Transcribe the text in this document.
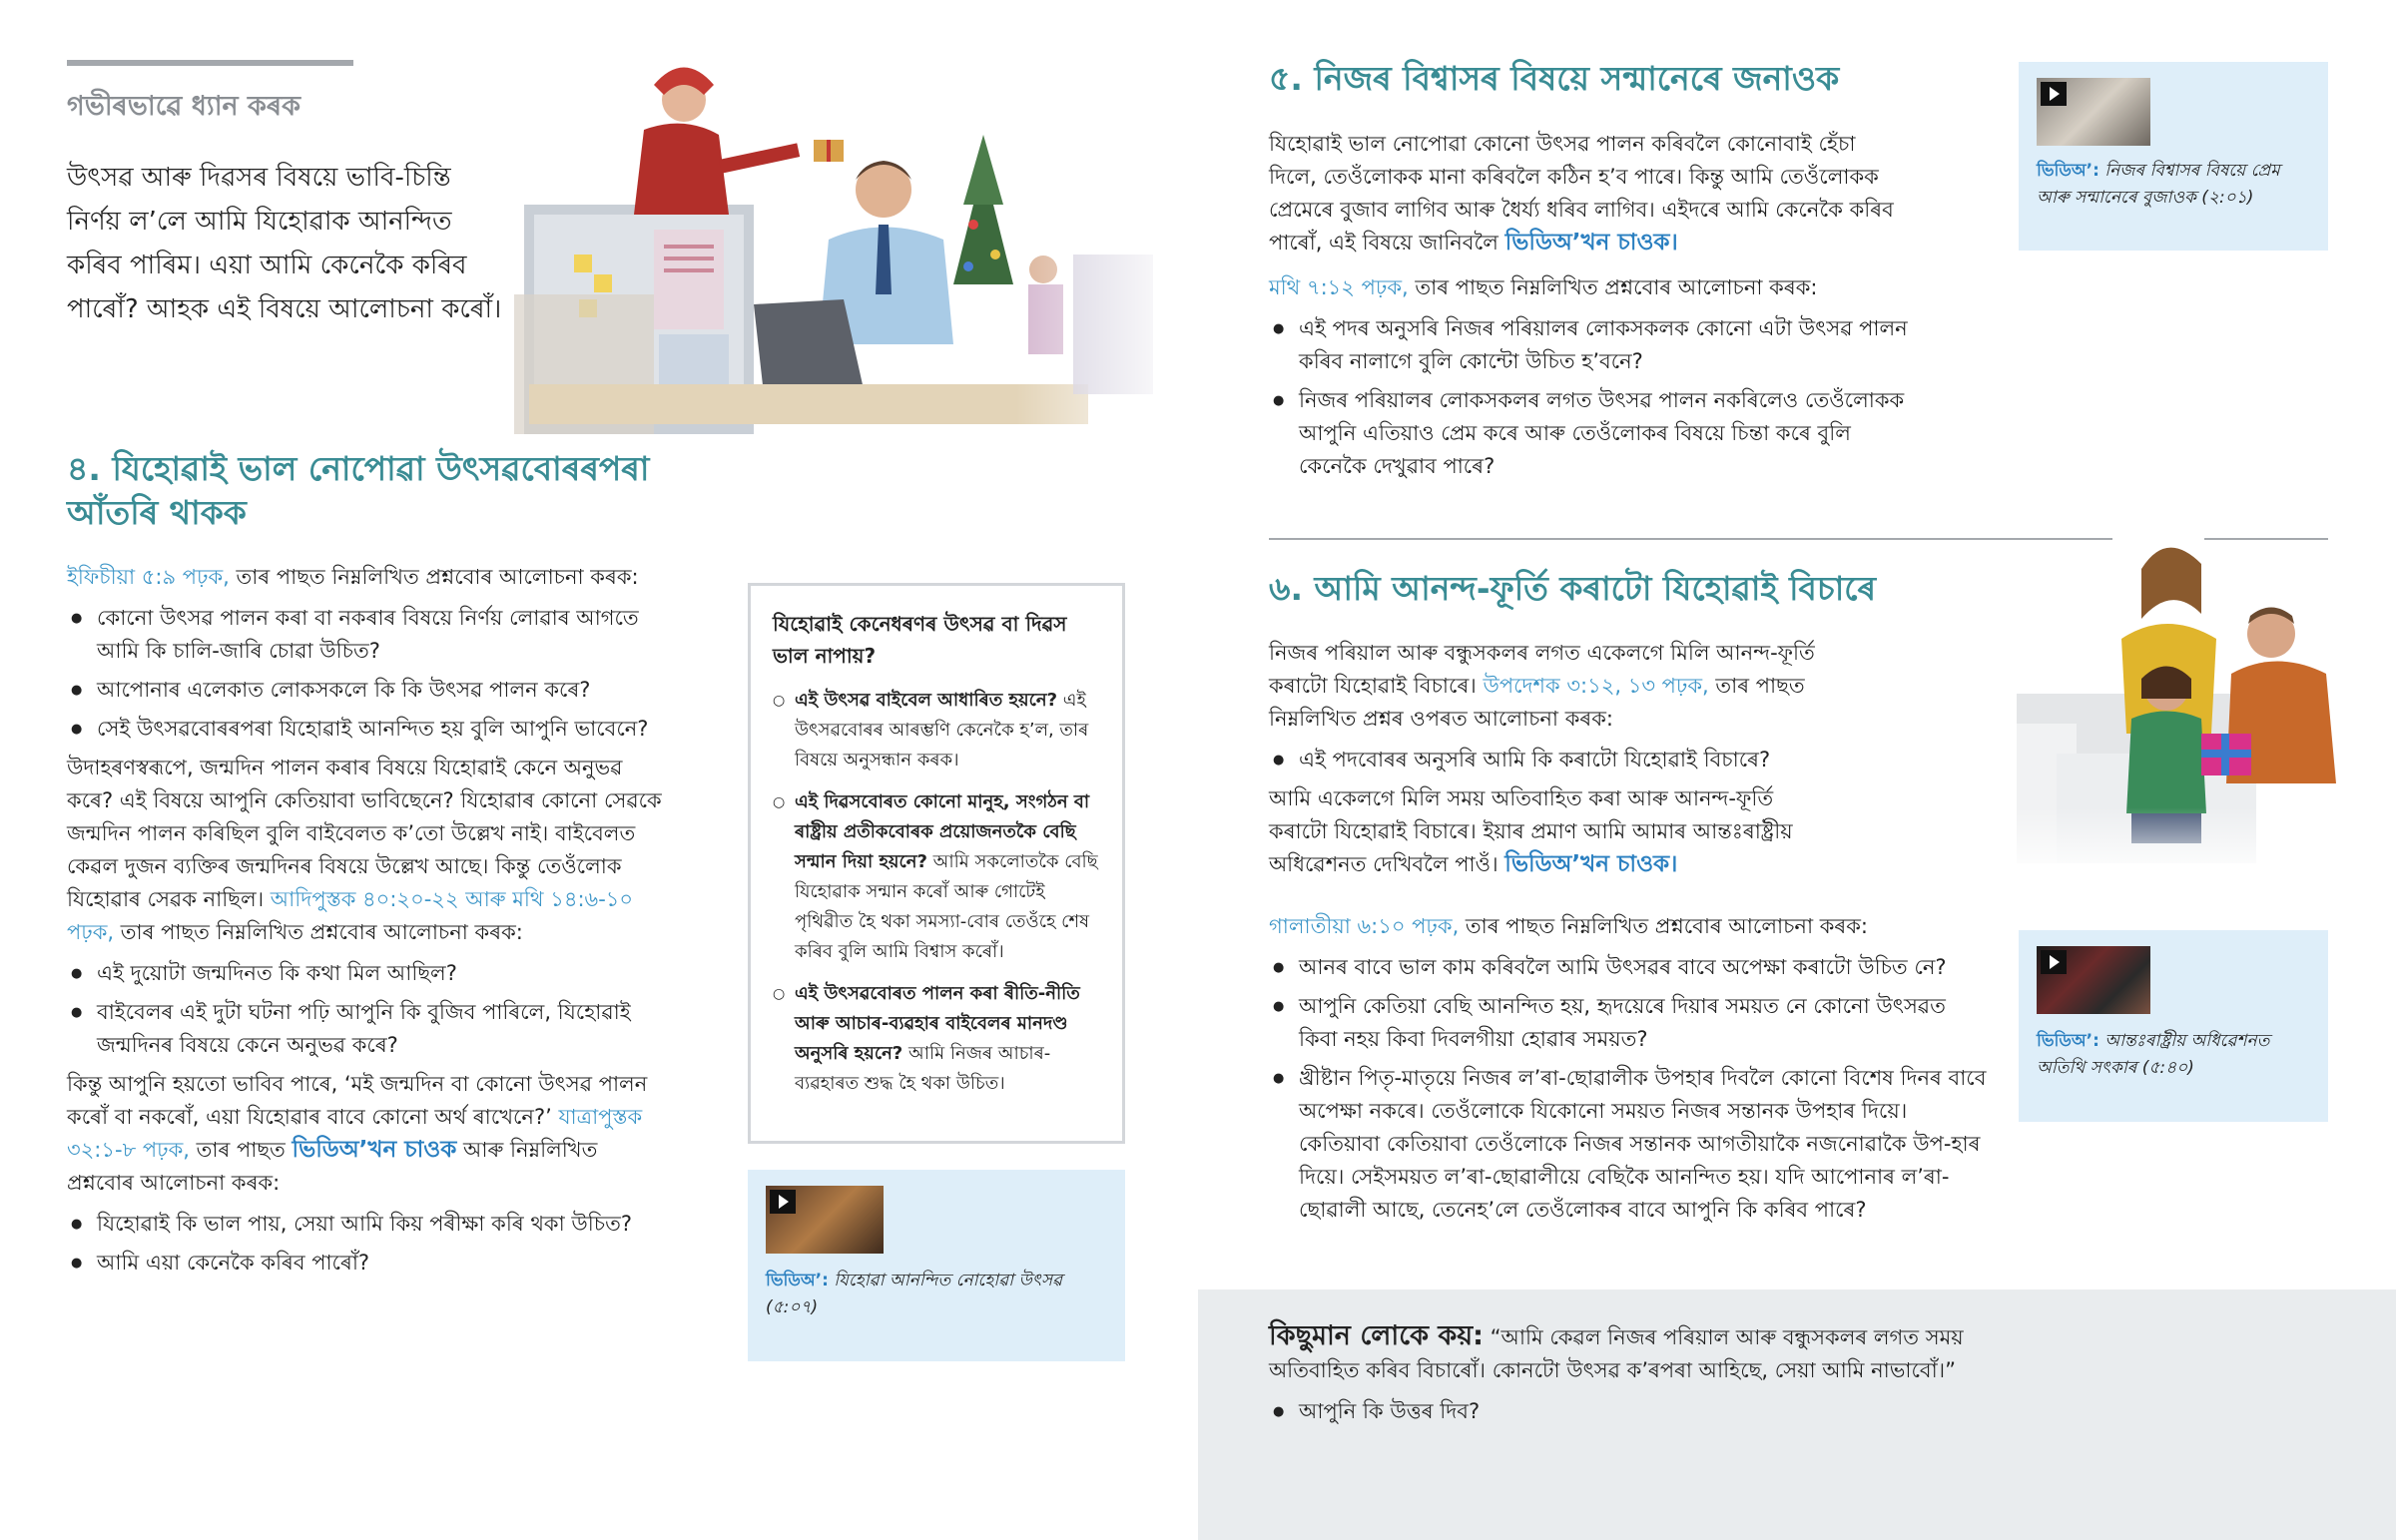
গভীৰভাৱে ধ্যান কৰক

উৎসৱ আৰু দিৱসৰ বিষয়ে ভাবি-চিন্তি নিৰ্ণয় ল’লে আমি যিহোৱাক আনন্দিত কৰিব পাৰিম। এয়া আমি কেনেকৈ কৰিব পাৰোঁ? আহক এই বিষয়ে আলোচনা কৰোঁ।

৪. যিহোৱাই ভাল নোপোৱা উৎসৱবোৰৰপৰা আঁতৰি থাকক

ইফিচীয়া ৫:৯ পঢ়ক, তাৰ পাছত নিম্নলিখিত প্ৰশ্নবোৰ আলোচনা কৰক:

● কোনো উৎসৱ পালন কৰা বা নকৰাৰ বিষয়ে নিৰ্ণয় লোৱাৰ আগতে আমি কি চালি-জাৰি চোৱা উচিত?
● আপোনাৰ এলেকাত লোকসকলে কি কি উৎসৱ পালন কৰে?
● সেই উৎসৱবোৰৰপৰা যিহোৱাই আনন্দিত হয় বুলি আপুনি ভাবেনে?

উদাহৰণস্বৰূপে, জন্মদিন পালন কৰাৰ বিষয়ে যিহোৱাই কেনে অনুভৱ কৰে? এই বিষয়ে আপুনি কেতিয়াবা ভাবিছেনে? যিহোৱাৰ কোনো সেৱকে জন্মদিন পালন কৰিছিল বুলি বাইবেলত ক’তো উল্লেখ নাই। বাইবেলত কেৱল দুজন ব্যক্তিৰ জন্মদিনৰ বিষয়ে উল্লেখ আছে। কিন্তু তেওঁলোক যিহোৱাৰ সেৱক নাছিল। আদিপুস্তক ৪০:২০-২২ আৰু মথি ১৪:৬-১০ পঢ়ক, তাৰ পাছত নিম্নলিখিত প্ৰশ্নবোৰ আলোচনা কৰক:

● এই দুয়োটা জন্মদিনত কি কথা মিল আছিল?
● বাইবেলৰ এই দুটা ঘটনা পঢ়ি আপুনি কি বুজিব পাৰিলে, যিহোৱাই জন্মদিনৰ বিষয়ে কেনে অনুভৱ কৰে?

কিন্তু আপুনি হয়তো ভাবিব পাৰে, ‘মই জন্মদিন বা কোনো উৎসৱ পালন কৰোঁ বা নকৰোঁ, এয়া যিহোৱাৰ বাবে কোনো অৰ্থ ৰাখেনে?’ যাত্ৰাপুস্তক ৩২:১-৮ পঢ়ক, তাৰ পাছত ভিডিঅ’খন চাওক আৰু নিম্নলিখিত প্ৰশ্নবোৰ আলোচনা কৰক:

● যিহোৱাই কি ভাল পায়, সেয়া আমি কিয় পৰীক্ষা কৰি থকা উচিত?
● আমি এয়া কেনেকৈ কৰিব পাৰোঁ?
যিহোৱাই কেনেধৰণৰ উৎসৱ বা দিৱস ভাল নাপায়?
○ এই উৎসৱ বাইবেল আধাৰিত হয়নে? এই উৎসৱবোৰৰ আৰম্ভণি কেনেকৈ হ’ল, তাৰ বিষয়ে অনুসন্ধান কৰক।
○ এই দিৱসবোৰত কোনো মানুহ, সংগঠন বা ৰাষ্ট্ৰীয় প্ৰতীকবোৰক প্ৰয়োজনতকৈ বেছি সন্মান দিয়া হয়নে? আমি সকলোতকৈ বেছি যিহোৱাক সন্মান কৰোঁ আৰু গোটেই পৃথিৱীত হৈ থকা সমস্যা-বোৰ তেওঁহে শেষ কৰিব বুলি আমি বিশ্বাস কৰোঁ।
○ এই উৎসৱবোৰত পালন কৰা ৰীতি-নীতি আৰু আচাৰ-ব্যৱহাৰ বাইবেলৰ মানদণ্ড অনুসৰি হয়নে? আমি নিজৰ আচাৰ-ব্যৱহাৰত শুদ্ধ হৈ থকা উচিত।
ভিডিঅ’: যিহোৱা আনন্দিত নোহোৱা উৎসৱ (৫:০৭)
৫. নিজৰ বিশ্বাসৰ বিষয়ে সন্মানেৰে জনাওক
ভিডিঅ’: নিজৰ বিশ্বাসৰ বিষয়ে প্ৰেম আৰু সন্মানেৰে বুজাওক (২:০১)

যিহোৱাই ভাল নোপোৱা কোনো উৎসৱ পালন কৰিবলৈ কোনোবাই হেঁচা দিলে, তেওঁলোকক মানা কৰিবলৈ কঠিন হ’ব পাৰে। কিন্তু আমি তেওঁলোকক প্ৰেমেৰে বুজাব লাগিব আৰু ধৈৰ্য্য ধৰিব লাগিব। এইদৰে আমি কেনেকৈ কৰিব পাৰোঁ, এই বিষয়ে জানিবলৈ ভিডিঅ’খন চাওক।

মথি ৭:১২ পঢ়ক, তাৰ পাছত নিম্নলিখিত প্ৰশ্নবোৰ আলোচনা কৰক:

● এই পদৰ অনুসৰি নিজৰ পৰিয়ালৰ লোকসকলক কোনো এটা উৎসৱ পালন কৰিব নালাগে বুলি কোন্টো উচিত হ’বনে?
● নিজৰ পৰিয়ালৰ লোকসকলৰ লগত উৎসৱ পালন নকৰিলেও তেওঁলোকক আপুনি এতিয়াও প্ৰেম কৰে আৰু তেওঁলোকৰ বিষয়ে চিন্তা কৰে বুলি কেনেকৈ দেখুৱাব পাৰে?
৬. আমি আনন্দ-ফূৰ্তি কৰাটো যিহোৱাই বিচাৰে

নিজৰ পৰিয়াল আৰু বন্ধুসকলৰ লগত একেলগে মিলি আনন্দ-ফূৰ্তি কৰাটো যিহোৱাই বিচাৰে। উপদেশক ৩:১২, ১৩ পঢ়ক, তাৰ পাছত নিম্নলিখিত প্ৰশ্নৰ ওপৰত আলোচনা কৰক:

● এই পদবোৰৰ অনুসৰি আমি কি কৰাটো যিহোৱাই বিচাৰে?

আমি একেলগে মিলি সময় অতিবাহিত কৰা আৰু আনন্দ-ফূৰ্তি কৰাটো যিহোৱাই বিচাৰে। ইয়াৰ প্ৰমাণ আমি আমাৰ আন্তঃৰাষ্ট্ৰীয় অধিৱেশনত দেখিবলৈ পাওঁ। ভিডিঅ’খন চাওক।

গালাতীয়া ৬:১০ পঢ়ক, তাৰ পাছত নিম্নলিখিত প্ৰশ্নবোৰ আলোচনা কৰক:

● আনৰ বাবে ভাল কাম কৰিবলৈ আমি উৎসৱৰ বাবে অপেক্ষা কৰাটো উচিত নে?
● আপুনি কেতিয়া বেছি আনন্দিত হয়, হৃদয়েৰে দিয়াৰ সময়ত নে কোনো উৎসৱত কিবা নহয় কিবা দিবলগীয়া হোৱাৰ সময়ত?
● খ্ৰীষ্টান পিতৃ-মাতৃয়ে নিজৰ ল’ৰা-ছোৱালীক উপহাৰ দিবলৈ কোনো বিশেষ দিনৰ বাবে অপেক্ষা নকৰে। তেওঁলোকে যিকোনো সময়ত নিজৰ সন্তানক উপহাৰ দিয়ে। কেতিয়াবা কেতিয়াবা তেওঁলোকে নিজৰ সন্তানক আগতীয়াকৈ নজনোৱাকৈ উপ-হাৰ দিয়ে। সেইসময়ত ল’ৰা-ছোৱালীয়ে বেছিকৈ আনন্দিত হয়। যদি আপোনাৰ ল’ৰা-ছোৱালী আছে, তেনেহ’লে তেওঁলোকৰ বাবে আপুনি কি কৰিব পাৰে?
ভিডিঅ’: আন্তঃৰাষ্ট্ৰীয় অধিৱেশনত অতিথি সৎকাৰ (৫:৪০)

কিছুমান লোকে কয়: “আমি কেৱল নিজৰ পৰিয়াল আৰু বন্ধুসকলৰ লগত সময় অতিবাহিত কৰিব বিচাৰোঁ। কোনটো উৎসৱ ক’ৰপৰা আহিছে, সেয়া আমি নাভাবোঁ।”

● আপুনি কি উত্তৰ দিব?
